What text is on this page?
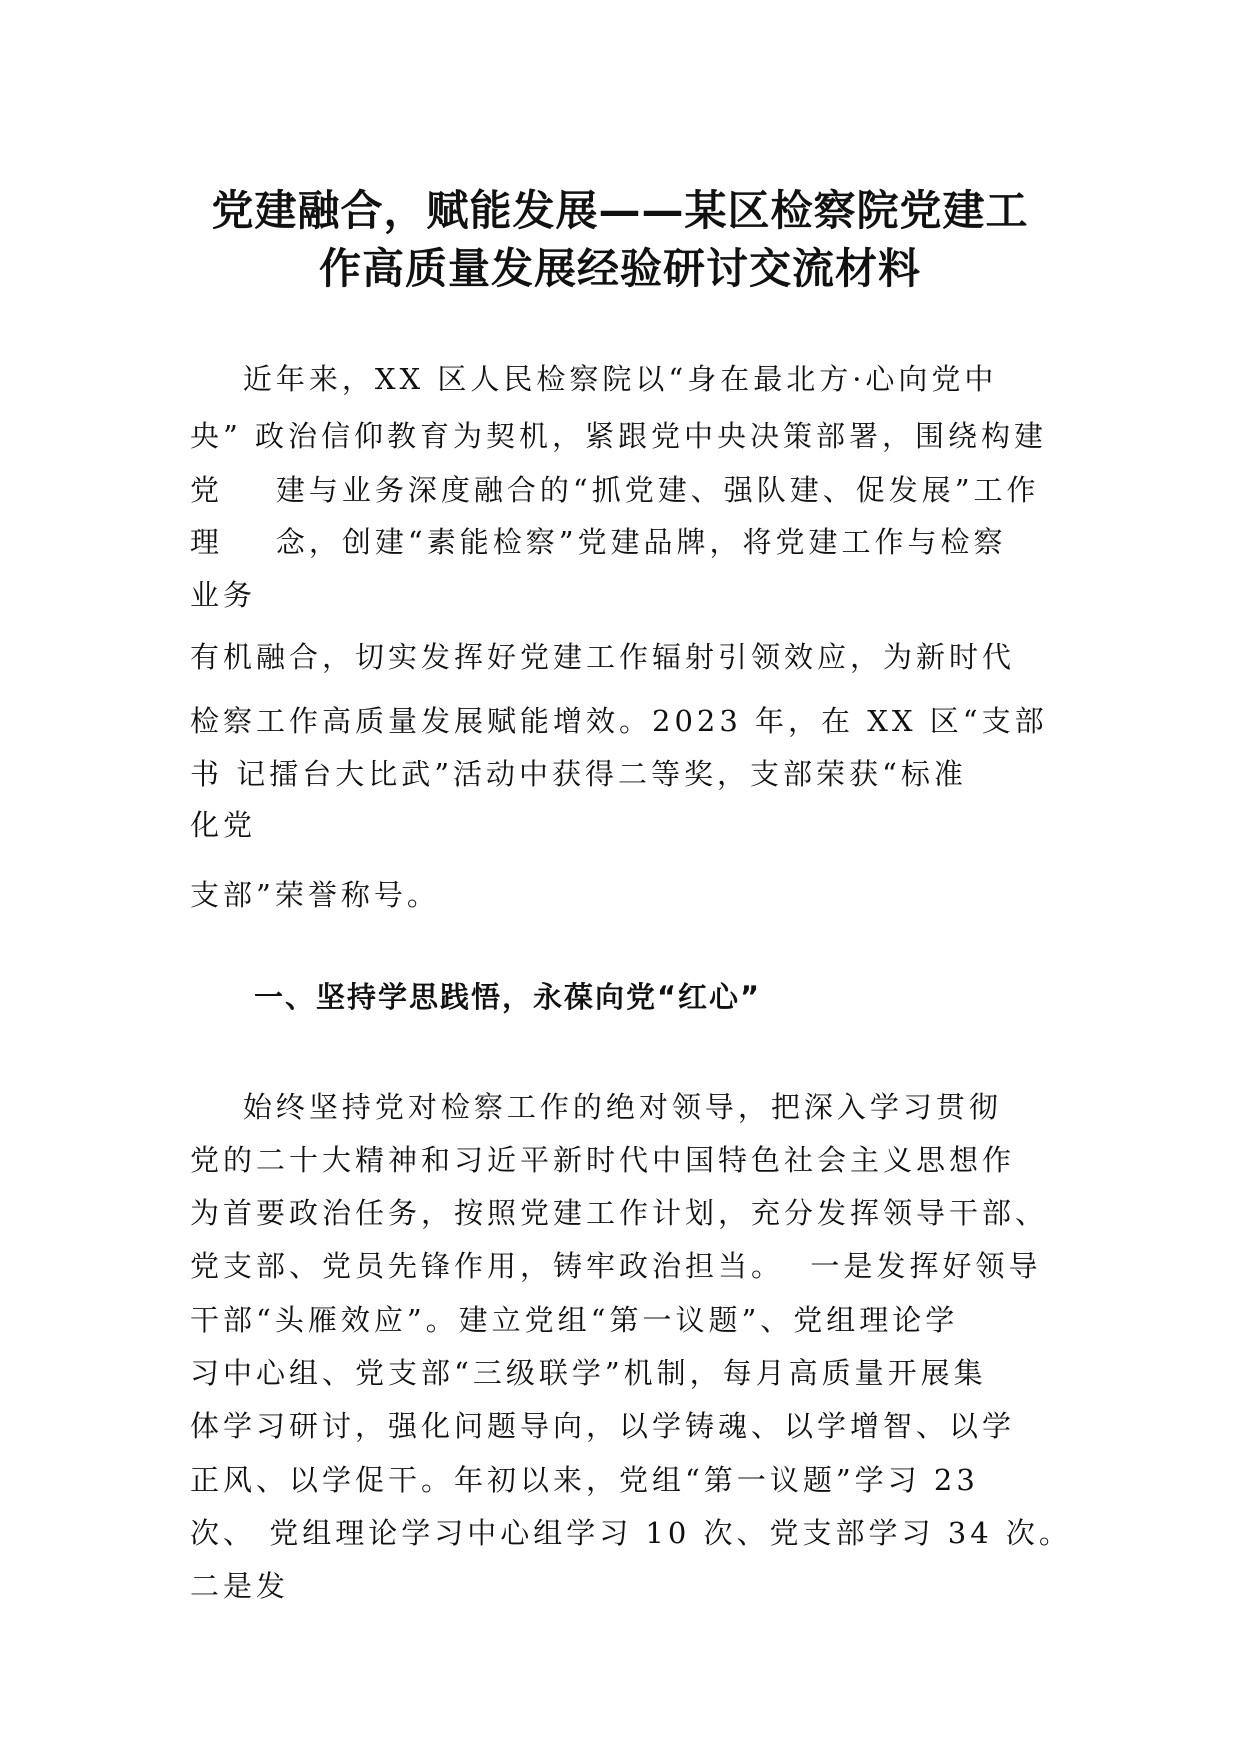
党建融合，赋能发展——某区检察院党建工
作高质量发展经验研讨交流材料
近年来，XX 区人民检察院以“身在最北方·心向党中
央” 政治信仰教育为契机，紧跟党中央决策部署，围绕构建
党    建与业务深度融合的“抓党建、强队建、促发展”工作
理    念，创建“素能检察”党建品牌，将党建工作与检察
业务
有机融合，切实发挥好党建工作辐射引领效应，为新时代
检察工作高质量发展赋能增效。2023 年，在 XX 区“支部
书 记擂台大比武”活动中获得二等奖，支部荣获“标准
化党
支部”荣誉称号。
一、坚持学思践悟，永葆向党“红心”
始终坚持党对检察工作的绝对领导，把深入学习贯彻
党的二十大精神和习近平新时代中国特色社会主义思想作
为首要政治任务，按照党建工作计划，充分发挥领导干部、
党支部、党员先锋作用，铸牢政治担当。  一是发挥好领导
干部“头雁效应”。建立党组“第一议题”、党组理论学
习中心组、党支部“三级联学”机制，每月高质量开展集
体学习研讨，强化问题导向，以学铸魂、以学增智、以学
正风、以学促干。年初以来，党组“第一议题”学习 23
次、 党组理论学习中心组学习 10 次、党支部学习 34 次。
二是发
